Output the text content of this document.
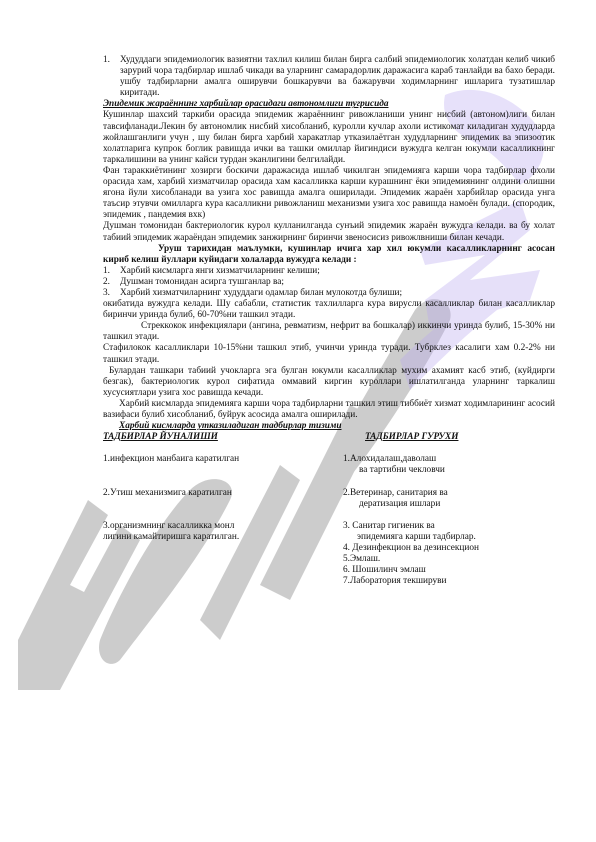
1.	Худуддаги эпидемиологик вазиятни тахлил килиш билан бирга салбий эпидемиологик холатдан келиб чикиб зарурий чора тадбирлар ишлаб чикади ва уларнинг самарадорлик даражасига караб танлайди ва бахо беради. ушбу тадбирларни амалга оширувчи бошкарувчи ва бажарувчи ходимларнинг ишларига тузатишлар киритади.

Эпидемик жараённинг харбийлар орасидаги автономлиги тугрисида

Кушинлар шахсий таркиби орасида эпидемик жараённинг ривожланиши унинг нисбий (автоном)лиги билан тавсифланади.Лекин бу автономлик нисбий хисобланиб, куролли кучлар ахоли истикомат киладиган худудларда жойлашганлиги учун , шу билан бирга харбий харакатлар утказилаётган худудларнинг эпидемик ва эпизоотик холатларига купрок боглик равишда ички ва ташки омиллар йигиндиси вужудга келган юкумли касалликнинг таркалишини ва унинг кайси турдан эканлигини белгилайди.

Фан тараккиётининг хозирги боскичи даражасида ишлаб чикилган эпидемияга карши чора тадбирлар фхоли орасида хам, харбий хизматчилар орасида хам касалликка карши курашнинг ёки эпидемиянинг олдини олишни ягона йули хисобланади ва узига хос равишда амалга оширилади. Эпидемик жараён харбийлар орасида унга таъсир этувчи омилларга кура касалликни ривожланиш механизми узига хос равишда намоён булади. (спородик, эпидемик , пандемия вхк)

Душман томонидан бактериологик курол кулланилганда сунъий эпидемик жараён вужудга келади. ва бу холат табиий эпидемик жараёндан эпидемик занжирнинг биринчи звеносисиз ривожлвниши билан кечади.

Уруш тарихидан маълумки, кушинлар ичига хар хил юкумли касалликларнинг асосан кириб келиш йуллари куйидаги холаларда вужудга келади :

1.	Харбий кисмларга янги хизматчиларнинг келиши;
2.	Душман томонидан асирга тушганлар ва;
3.	Харбий хизматчиларнинг худуддаги одамлар билан мулокотда булиши;

окибатида вужудга келади. Шу сабабли, статистик тахлилларга кура вирусли касалликлар билан касалликлар биринчи уринда булиб, 60-70%ни ташкил этади.

Стреккокок инфекциялари (ангина, ревматизм, нефрит ва бошкалар) иккинчи уринда булиб, 15-30% ни ташкил этади.

Стафилокок касалликлари 10-15%ни ташкил этиб, учинчи уринда туради. Тубрклез касалиги хам 0.2-2% ни ташкил этади.

Булардан ташкари табиий учокларга эга булган юкумли касалликлар мухим ахамият касб этиб, (куйдирги безгак), бактериологик курол сифатида оммавий киргин куроллари ишлатилганда уларнинг таркалиш хусусиятлари узига хос равишда кечади.

Харбий кисмларда эпидемияга карши чора тадбирларни ташкил этиш тиббиёт хизмат ходимларининг асосий вазифаси булиб хисобланиб, буйрук асосида амалга оширилади.

Харбий кисмларда утказиладиган тадбирлар тизими

ТАДБИРЛАР ЙУНАЛИШИ	ТАДБИРЛАР ГУРУХИ
1.инфекцион манбаига каратилган	1.Алохидалаш,даволаш
ва тартибни чекловчи
2.Утиш механизмига каратилган	2.Ветеринар, санитария ва
дератизация ишлари
3.организмнинг касалликка монл	3. Санитар гигиеник ва
лигини камайтиришга каратилган.	эпидемияга карши тадбирлар.
4. Дезинфекцион ва дезинсекцион
5.Эмлаш.
6. Шошилинч эмлаш
7.Лаборатория текшируви
